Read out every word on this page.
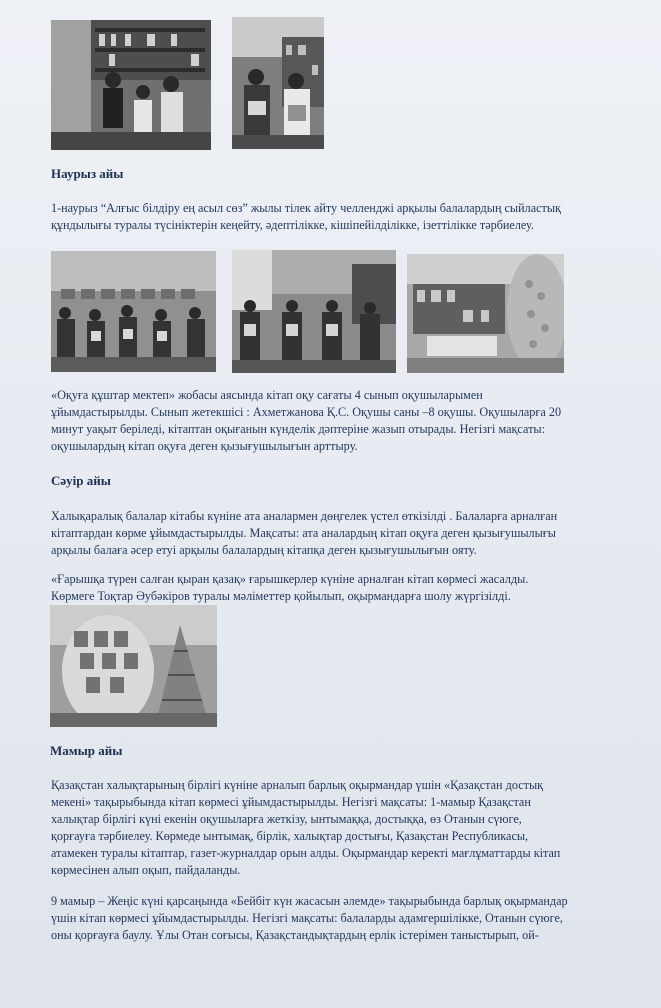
Наурыз айы

1-наурыз “Алғыс білдіру ең асыл сөз” жылы тілек айту челленджі арқылы балалардың сыйластық
құндылығы туралы түсініктерін кеңейту, әдептілікке, кішіпейілділікке, ізеттілікке тәрбиелеу.

«Оқуға құштар мектеп» жобасы аясында кітап оқу сағаты 4 сынып оқушыларымен
ұйымдастырылды. Сынып жетекшісі : Ахметжанова Қ.С. Оқушы саны –8 оқушы. Оқушыларға 20
минут уақыт беріледі, кітаптан оқығанын күнделік дәптеріне жазып отырады. Негізгі мақсаты:
оқушылардың кітап оқуға деген қызығушылығын арттыру.

Сәуір айы

Халықаралық балалар кітабы күніне ата аналармен дөңгелек үстел өткізілді . Балаларға арналған
кітаптардан көрме ұйымдастырылды. Мақсаты: ата аналардың кітап оқуға деген қызығушылығы
арқылы балаға әсер етуі арқылы балалардың кітапқа деген қызығушылығын ояту.

«Ғарышқа түрен салған қыран қазақ» ғарышкерлер күніне арналған кітап көрмесі жасалды.
Көрмеге Тоқтар Әубәкіров туралы мәліметтер қойылып, оқырмандарға шолу жүргізілді.

Мамыр айы

Қазақстан халықтарының бірлігі күніне арналып барлық оқырмандар үшін «Қазақстан достық
мекені» тақырыбында кітап көрмесі ұйымдастырылды. Негізгі мақсаты: 1-мамыр Қазақстан
халықтар бірлігі күні екенін оқушыларға жеткізу, ынтымаққа, достыққа, өз Отанын сүюге,
қорғауға тәрбиелеу. Көрмеде ынтымақ, бірлік, халықтар достығы, Қазақстан Республикасы,
атамекен туралы кітаптар, газет-журналдар орын алды. Оқырмандар керекті мағлұматтарды кітап
көрмесінен алып оқып, пайдаланды.

9 мамыр – Жеңіс күні қарсаңында «Бейбіт күн жасасын әлемде» тақырыбында барлық оқырмандар
үшін кітап көрмесі ұйымдастырылды. Негізгі мақсаты: балаларды адамгершілікке, Отанын сүюге,
оны қорғауға баулу. Ұлы Отан соғысы, Қазақстандықтардың ерлік істерімен таныстырып, ой-
